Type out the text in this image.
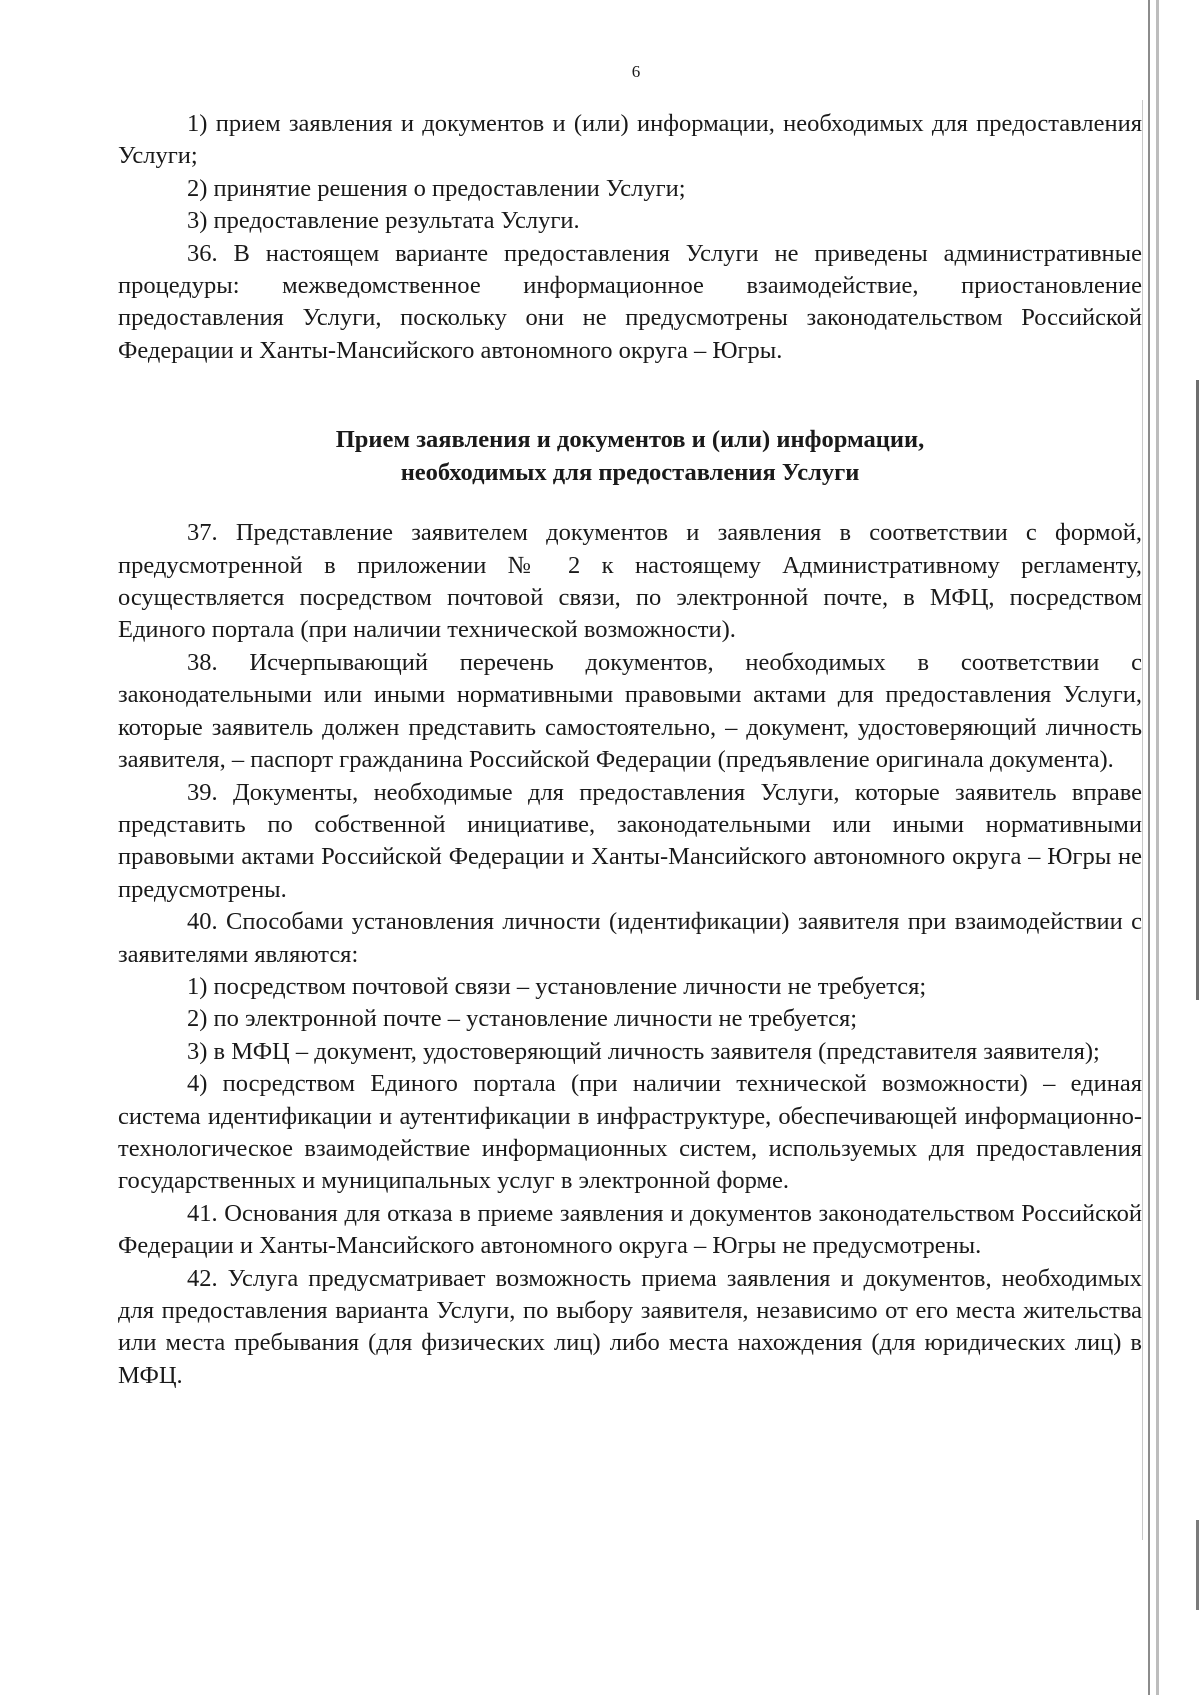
6

1) прием заявления и документов и (или) информации, необходимых для предоставления Услуги;

2) принятие решения о предоставлении Услуги;

3) предоставление результата Услуги.

36. В настоящем варианте предоставления Услуги не приведены административные процедуры: межведомственное информационное взаимодействие, приостановление предоставления Услуги, поскольку они не предусмотрены законодательством Российской Федерации и Ханты-Мансийского автономного округа – Югры.

Прием заявления и документов и (или) информации,
необходимых для предоставления Услуги

37. Представление заявителем документов и заявления в соответствии с формой, предусмотренной в приложении № 2 к настоящему Административному регламенту, осуществляется посредством почтовой связи, по электронной почте, в МФЦ, посредством Единого портала (при наличии технической возможности).

38. Исчерпывающий перечень документов, необходимых в соответствии с законодательными или иными нормативными правовыми актами для предоставления Услуги, которые заявитель должен представить самостоятельно, – документ, удостоверяющий личность заявителя, – паспорт гражданина Российской Федерации (предъявление оригинала документа).

39. Документы, необходимые для предоставления Услуги, которые заявитель вправе представить по собственной инициативе, законодательными или иными нормативными правовыми актами Российской Федерации и Ханты-Мансийского автономного округа – Югры не предусмотрены.

40. Способами установления личности (идентификации) заявителя при взаимодействии с заявителями являются:

1) посредством почтовой связи – установление личности не требуется;

2) по электронной почте – установление личности не требуется;

3) в МФЦ – документ, удостоверяющий личность заявителя (представителя заявителя);

4) посредством Единого портала (при наличии технической возможности) – единая система идентификации и аутентификации в инфраструктуре, обеспечивающей информационно-технологическое взаимодействие информационных систем, используемых для предоставления государственных и муниципальных услуг в электронной форме.

41. Основания для отказа в приеме заявления и документов законодательством Российской Федерации и Ханты-Мансийского автономного округа – Югры не предусмотрены.

42. Услуга предусматривает возможность приема заявления и документов, необходимых для предоставления варианта Услуги, по выбору заявителя, независимо от его места жительства или места пребывания (для физических лиц) либо места нахождения (для юридических лиц) в МФЦ.
